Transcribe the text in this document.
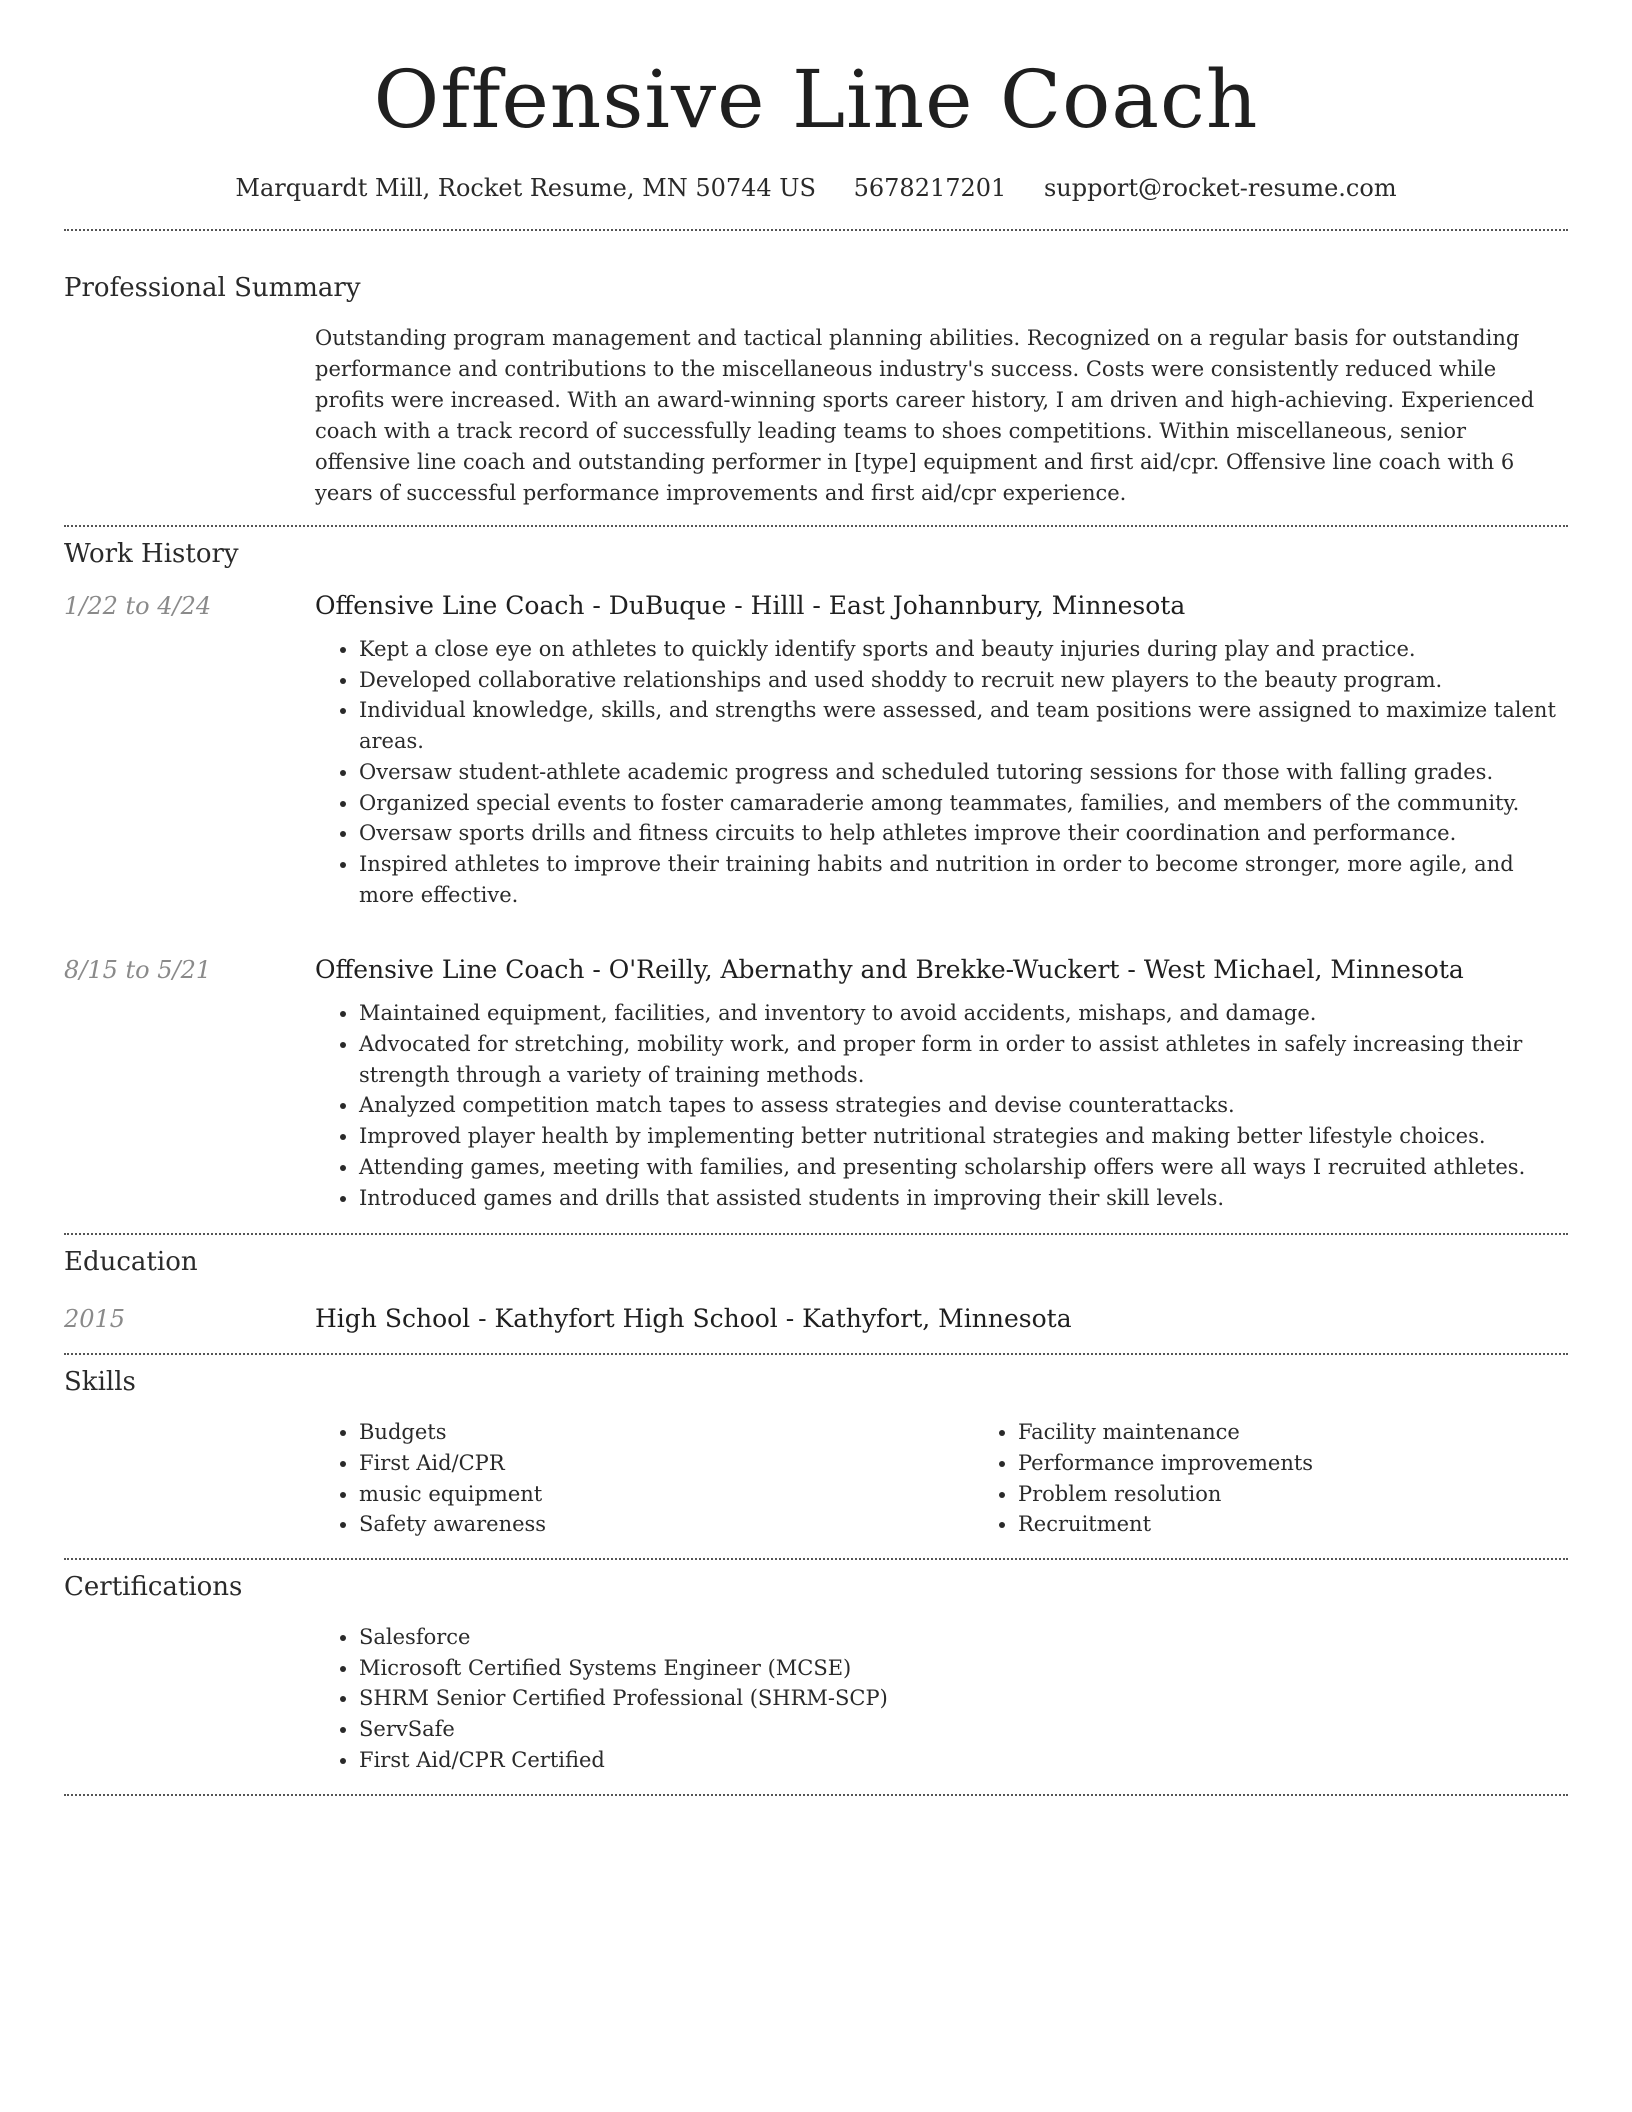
Offensive Line Coach
Marquardt Mill, Rocket Resume, MN 50744 US 5678217201 support@rocket-resume.com
Professional Summary

Outstanding program management and tactical planning abilities. Recognized on a regular basis for outstanding performance and contributions to the miscellaneous industry's success. Costs were consistently reduced while profits were increased. With an award-winning sports career history, I am driven and high-achieving. Experienced coach with a track record of successfully leading teams to shoes competitions. Within miscellaneous, senior offensive line coach and outstanding performer in [type] equipment and first aid/cpr. Offensive line coach with 6 years of successful performance improvements and first aid/cpr experience.

Work History
1/22 to 4/24	Offensive Line Coach - DuBuque - Hilll - East Johannbury, Minnesota
• Kept a close eye on athletes to quickly identify sports and beauty injuries during play and practice.
• Developed collaborative relationships and used shoddy to recruit new players to the beauty program.
• Individual knowledge, skills, and strengths were assessed, and team positions were assigned to maximize talent areas.
• Oversaw student-athlete academic progress and scheduled tutoring sessions for those with falling grades.
• Organized special events to foster camaraderie among teammates, families, and members of the community.
• Oversaw sports drills and fitness circuits to help athletes improve their coordination and performance.
• Inspired athletes to improve their training habits and nutrition in order to become stronger, more agile, and more effective.
8/15 to 5/21	Offensive Line Coach - O'Reilly, Abernathy and Brekke-Wuckert - West Michael, Minnesota
• Maintained equipment, facilities, and inventory to avoid accidents, mishaps, and damage.
• Advocated for stretching, mobility work, and proper form in order to assist athletes in safely increasing their strength through a variety of training methods.
• Analyzed competition match tapes to assess strategies and devise counterattacks.
• Improved player health by implementing better nutritional strategies and making better lifestyle choices.
• Attending games, meeting with families, and presenting scholarship offers were all ways I recruited athletes.
• Introduced games and drills that assisted students in improving their skill levels.
Education
2015	High School - Kathyfort High School - Kathyfort, Minnesota
Skills
• Budgets
• First Aid/CPR
• music equipment
• Safety awareness
• Facility maintenance
• Performance improvements
• Problem resolution
• Recruitment
Certifications
• Salesforce
• Microsoft Certified Systems Engineer (MCSE)
• SHRM Senior Certified Professional (SHRM-SCP)
• ServSafe
• First Aid/CPR Certified
